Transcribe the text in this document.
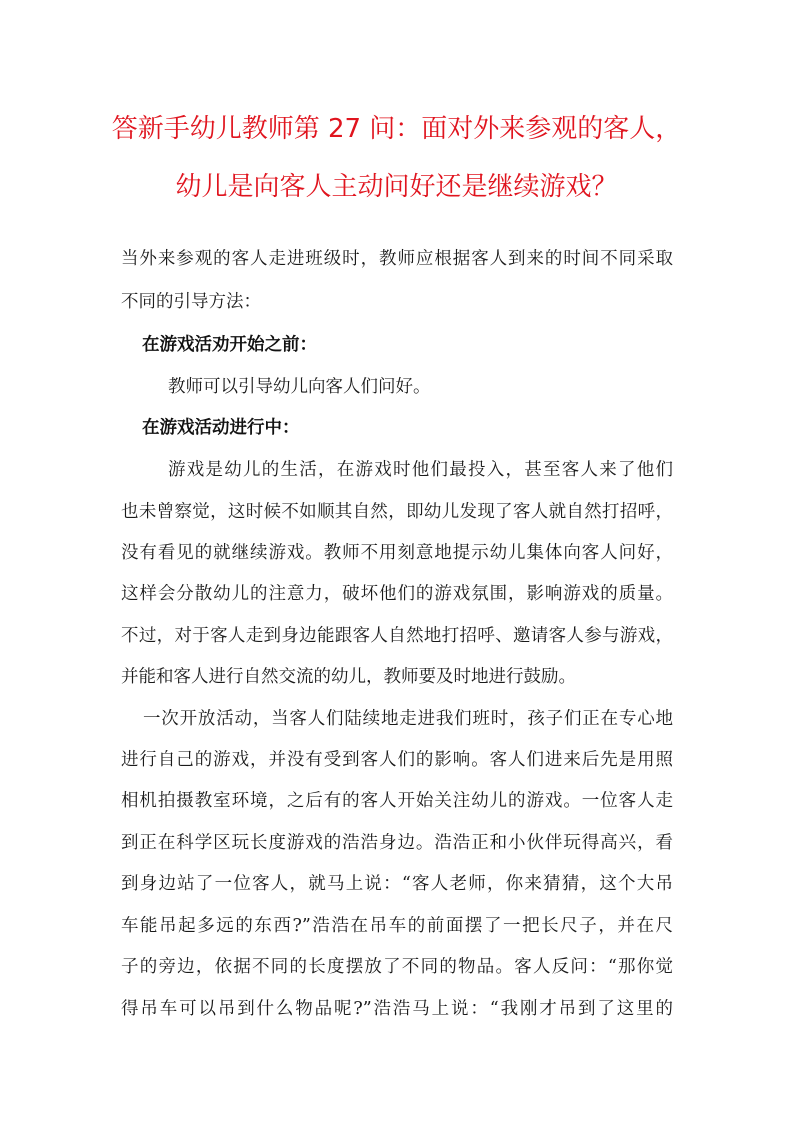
答新手幼儿教师第 27 问：面对外来参观的客人，
幼儿是向客人主动问好还是继续游戏？
当外来参观的客人走进班级时，教师应根据客人到来的时间不同采取
不同的引导方法：
在游戏活劝开始之前：
教师可以引导幼儿向客人们问好。
在游戏活动进行中：
游戏是幼儿的生活，在游戏时他们最投入，甚至客人来了他们
也未曾察觉，这时候不如顺其自然，即幼儿发现了客人就自然打招呼，
没有看见的就继续游戏。教师不用刻意地提示幼儿集体向客人问好，
这样会分散幼儿的注意力，破坏他们的游戏氛围，影响游戏的质量。
不过，对于客人走到身边能跟客人自然地打招呼、邀请客人参与游戏，
并能和客人进行自然交流的幼儿，教师要及时地进行鼓励。
一次开放活动，当客人们陆续地走进我们班时，孩子们正在专心地
进行自己的游戏，并没有受到客人们的影响。客人们进来后先是用照
相机拍摄教室环境，之后有的客人开始关注幼儿的游戏。一位客人走
到正在科学区玩长度游戏的浩浩身边。浩浩正和小伙伴玩得高兴，看
到身边站了一位客人，就马上说：“客人老师，你来猜猜，这个大吊
车能吊起多远的东西?”浩浩在吊车的前面摆了一把长尺子，并在尺
子的旁边，依据不同的长度摆放了不同的物品。客人反问：“那你觉
得吊车可以吊到什么物品呢?”浩浩马上说：“我刚才吊到了这里的
